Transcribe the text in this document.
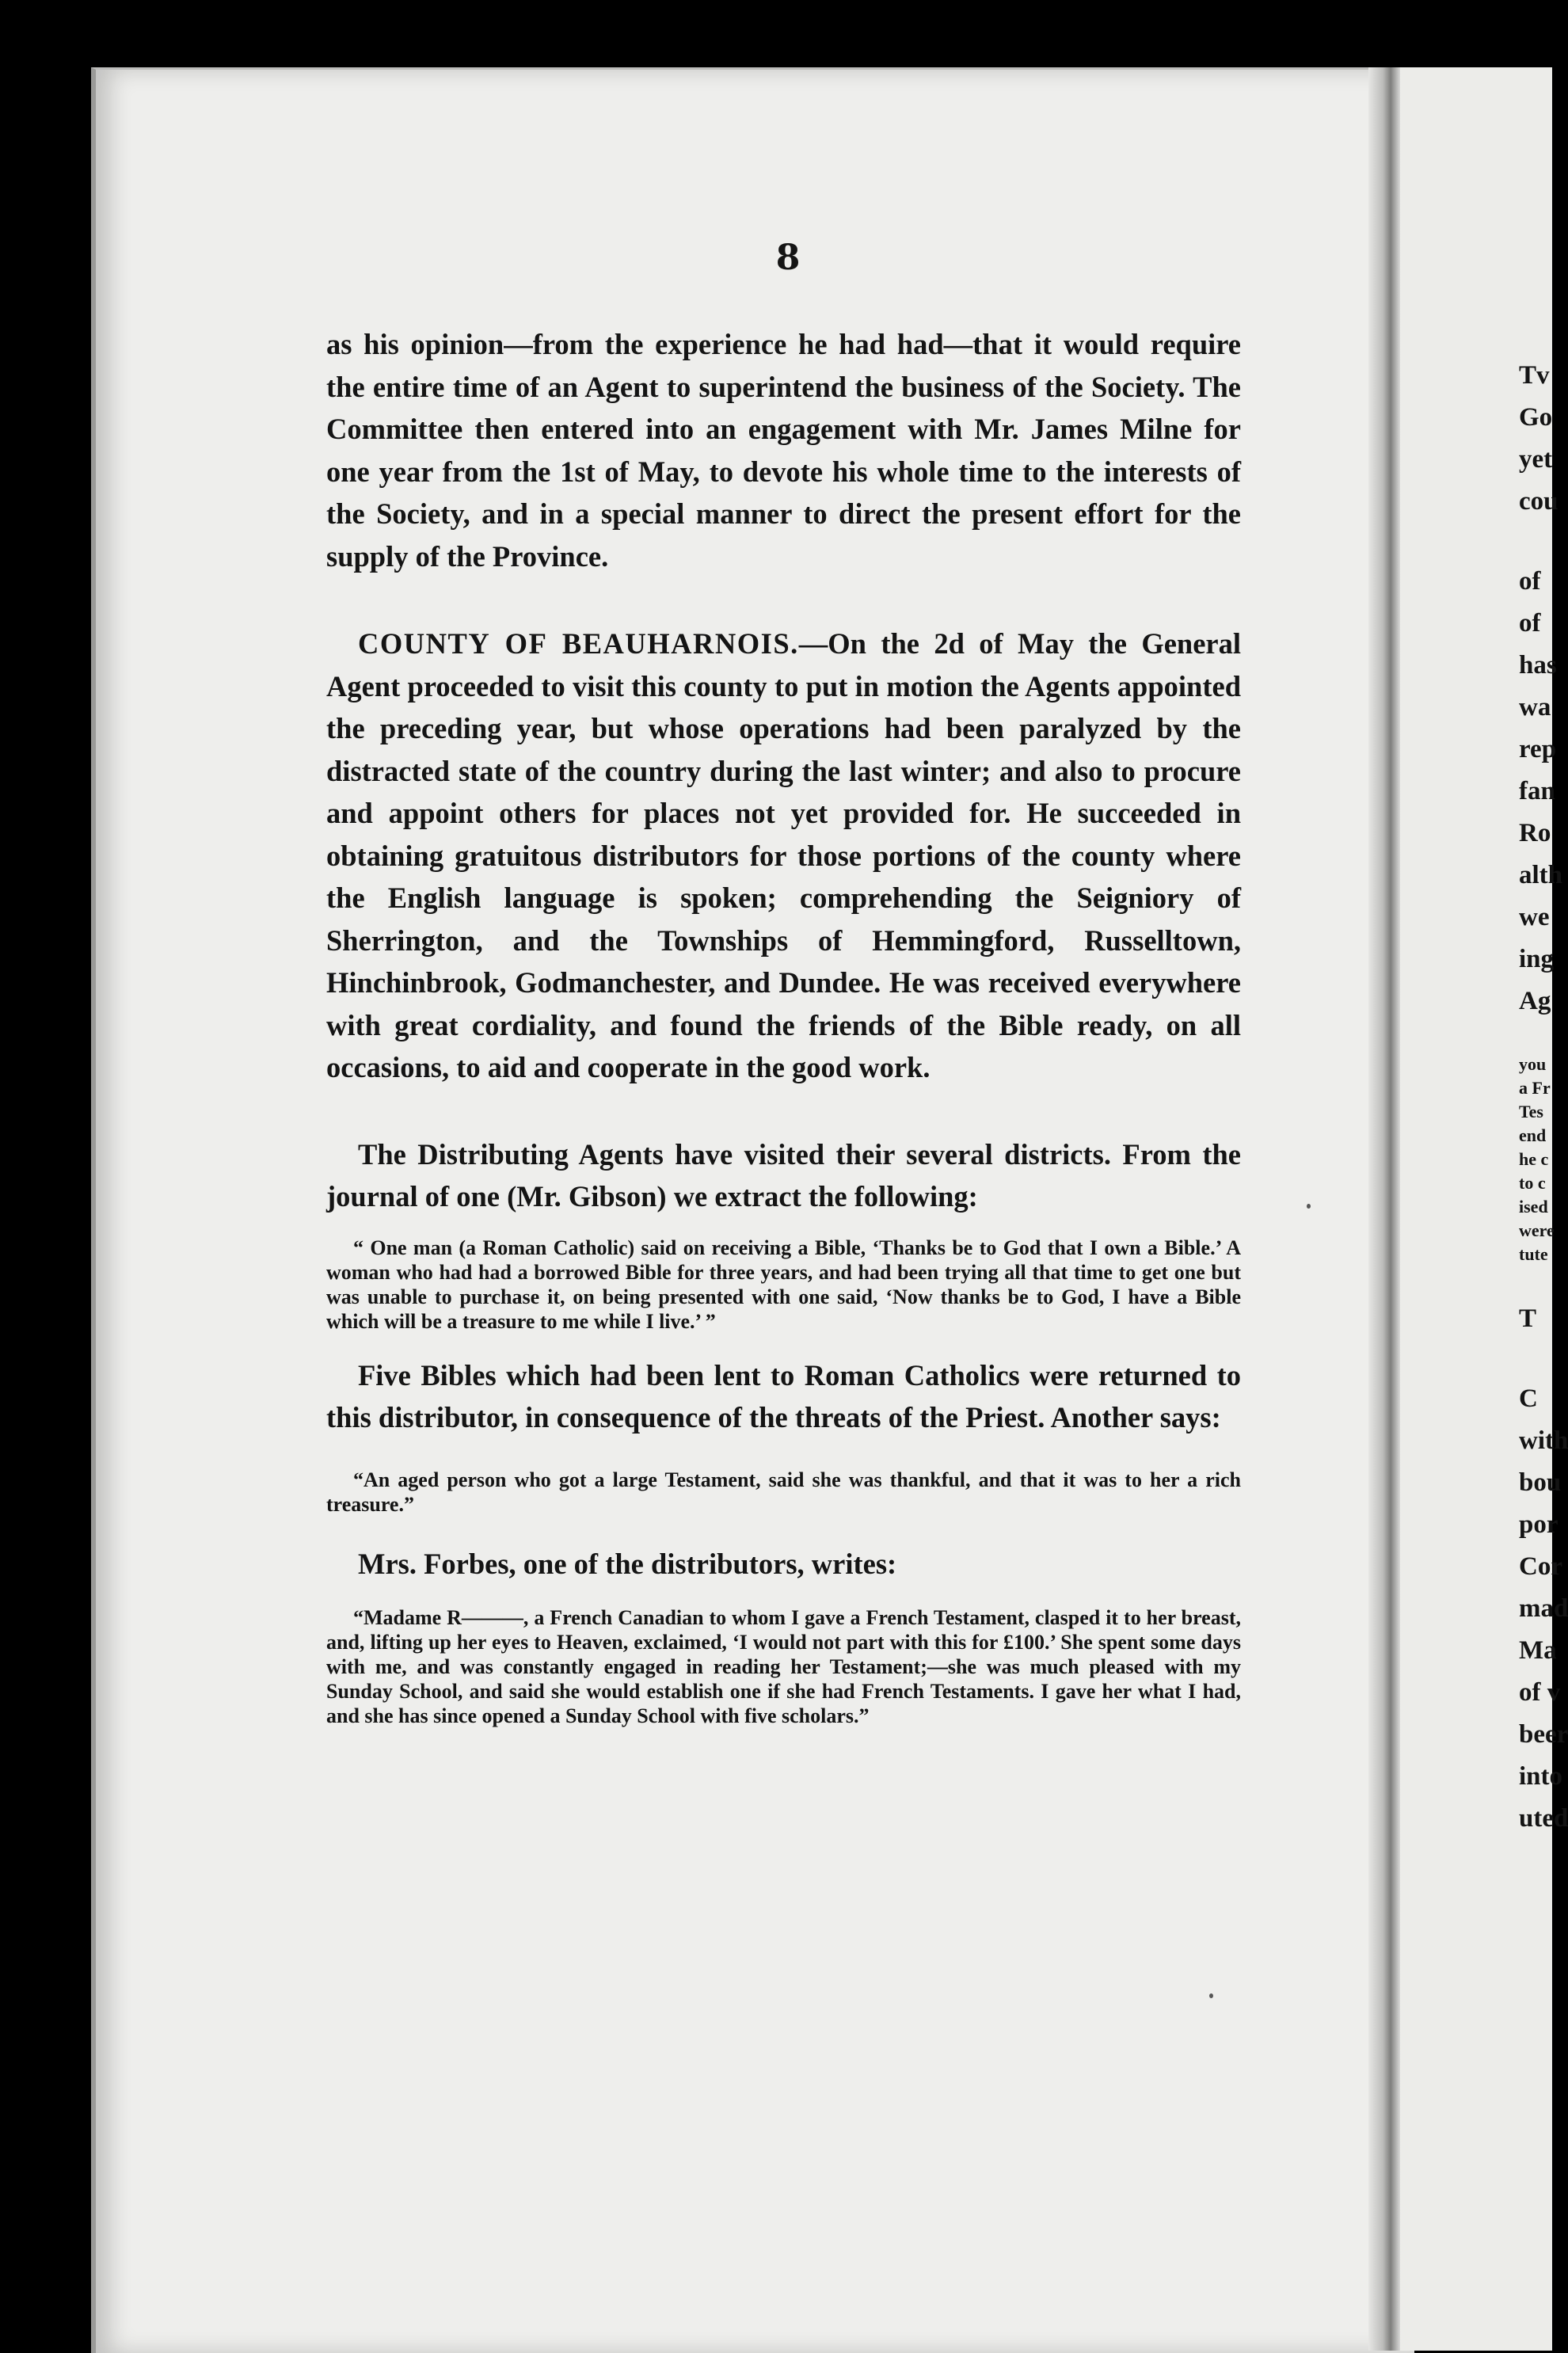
8

as his opinion—from the experience he had had—that it would require the entire time of an Agent to superintend the business of the Society. The Committee then entered into an engagement with Mr. James Milne for one year from the 1st of May, to devote his whole time to the interests of the Society, and in a special manner to direct the present effort for the supply of the Province.

COUNTY OF BEAUHARNOIS.—On the 2d of May the General Agent proceeded to visit this county to put in motion the Agents appointed the preceding year, but whose operations had been paralyzed by the distracted state of the country during the last winter; and also to procure and appoint others for places not yet provided for. He succeeded in obtaining gratuitous distributors for those portions of the county where the English language is spoken; comprehending the Seigniory of Sherrington, and the Townships of Hemmingford, Russelltown, Hinchinbrook, Godmanchester, and Dundee. He was received everywhere with great cordiality, and found the friends of the Bible ready, on all occasions, to aid and cooperate in the good work.

The Distributing Agents have visited their several districts. From the journal of one (Mr. Gibson) we extract the following:

“ One man (a Roman Catholic) said on receiving a Bible, ‘Thanks be to God that I own a Bible.’ A woman who had had a borrowed Bible for three years, and had been trying all that time to get one but was unable to purchase it, on being presented with one said, ‘Now thanks be to God, I have a Bible which will be a treasure to me while I live.’ ”

Five Bibles which had been lent to Roman Catholics were returned to this distributor, in consequence of the threats of the Priest. Another says:

“An aged person who got a large Testament, said she was thankful, and that it was to her a rich treasure.”

Mrs. Forbes, one of the distributors, writes:

“Madame R———, a French Canadian to whom I gave a French Testament, clasped it to her breast, and, lifting up her eyes to Heaven, exclaimed, ‘I would not part with this for £100.’ She spent some days with me, and was constantly engaged in reading her Testament;—she was much pleased with my Sunday School, and said she would establish one if she had French Testaments. I gave her what I had, and she has since opened a Sunday School with five scholars.”

Tv
Go
yet
cou
of
of
has
wa
rep
fan
Ro
alth
we
ing
Ag
you
a Fr
Tes
end
he c
to c
ised
were
tute
T
C
with
bou
por
Cor
mad
Ma
of v
beer
into
uted
